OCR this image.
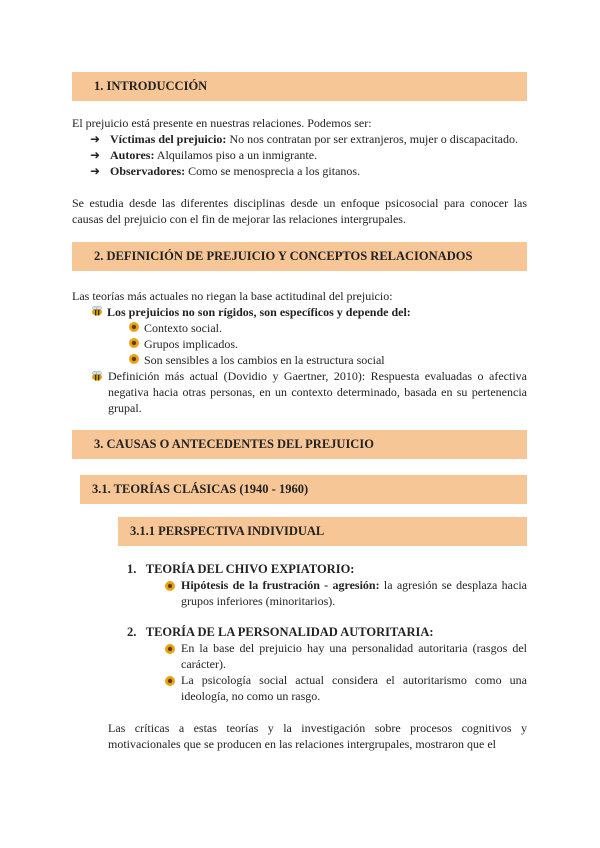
1. INTRODUCCIÓN
El prejuicio está presente en nuestras relaciones. Podemos ser:
➜ Víctimas del prejuicio: No nos contratan por ser extranjeros, mujer o discapacitado.
➜ Autores: Alquilamos piso a un inmigrante.
➜ Observadores: Como se menosprecia a los gitanos.
Se estudia desde las diferentes disciplinas desde un enfoque psicosocial para conocer las causas del prejuicio con el fin de mejorar las relaciones intergrupales.
2. DEFINICIÓN DE PREJUICIO Y CONCEPTOS RELACIONADOS
Las teorías más actuales no riegan la base actitudinal del prejuicio:
Los prejuicios no son rígidos, son específicos y depende del:
Contexto social.
Grupos implicados.
Son sensibles a los cambios en la estructura social
Definición más actual (Dovidio y Gaertner, 2010): Respuesta evaluadas o afectiva negativa hacia otras personas, en un contexto determinado, basada en su pertenencia grupal.
3. CAUSAS O ANTECEDENTES DEL PREJUICIO
3.1. TEORÍAS CLÁSICAS (1940 - 1960)
3.1.1 PERSPECTIVA INDIVIDUAL
1. TEORÍA DEL CHIVO EXPIATORIO:
Hipótesis de la frustración - agresión: la agresión se desplaza hacia grupos inferiores (minoritarios).
2. TEORÍA DE LA PERSONALIDAD AUTORITARIA:
En la base del prejuicio hay una personalidad autoritaria (rasgos del carácter).
La psicología social actual considera el autoritarismo como una ideología, no como un rasgo.
Las críticas a estas teorías y la investigación sobre procesos cognitivos y motivacionales que se producen en las relaciones intergrupales, mostraron que el
